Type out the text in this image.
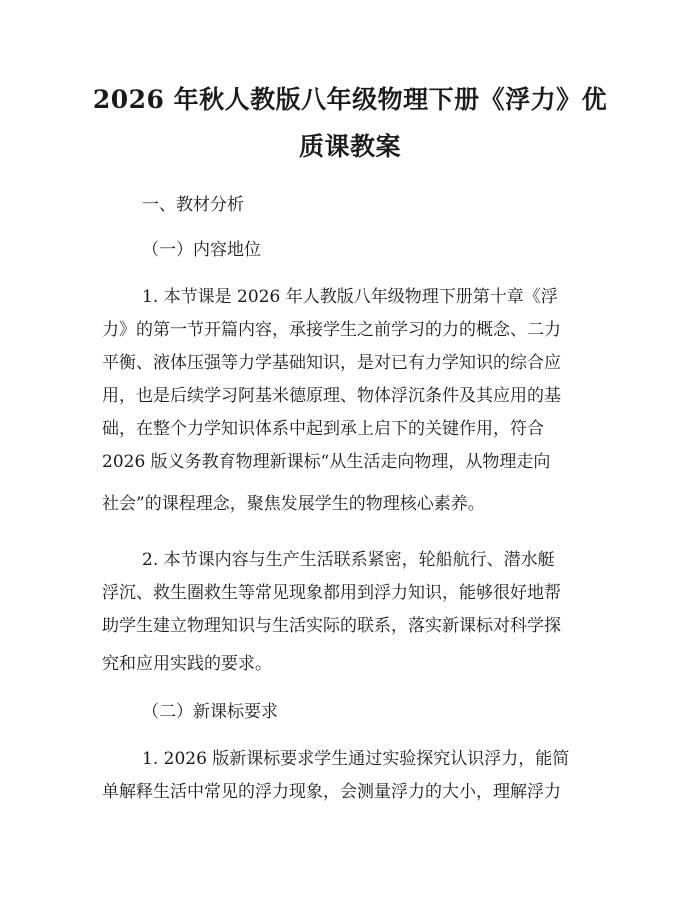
2026 年秋人教版八年级物理下册《浮力》优
质课教案
一、教材分析
（一）内容地位
1. 本节课是 2026 年人教版八年级物理下册第十章《浮
力》的第一节开篇内容，承接学生之前学习的力的概念、二力
平衡、液体压强等力学基础知识，是对已有力学知识的综合应
用，也是后续学习阿基米德原理、物体浮沉条件及其应用的基
础，在整个力学知识体系中起到承上启下的关键作用，符合
2026 版义务教育物理新课标“从生活走向物理，从物理走向
社会”的课程理念，聚焦发展学生的物理核心素养。
2. 本节课内容与生产生活联系紧密，轮船航行、潜水艇
浮沉、救生圈救生等常见现象都用到浮力知识，能够很好地帮
助学生建立物理知识与生活实际的联系，落实新课标对科学探
究和应用实践的要求。
（二）新课标要求
1. 2026 版新课标要求学生通过实验探究认识浮力，能简
单解释生活中常见的浮力现象，会测量浮力的大小，理解浮力
